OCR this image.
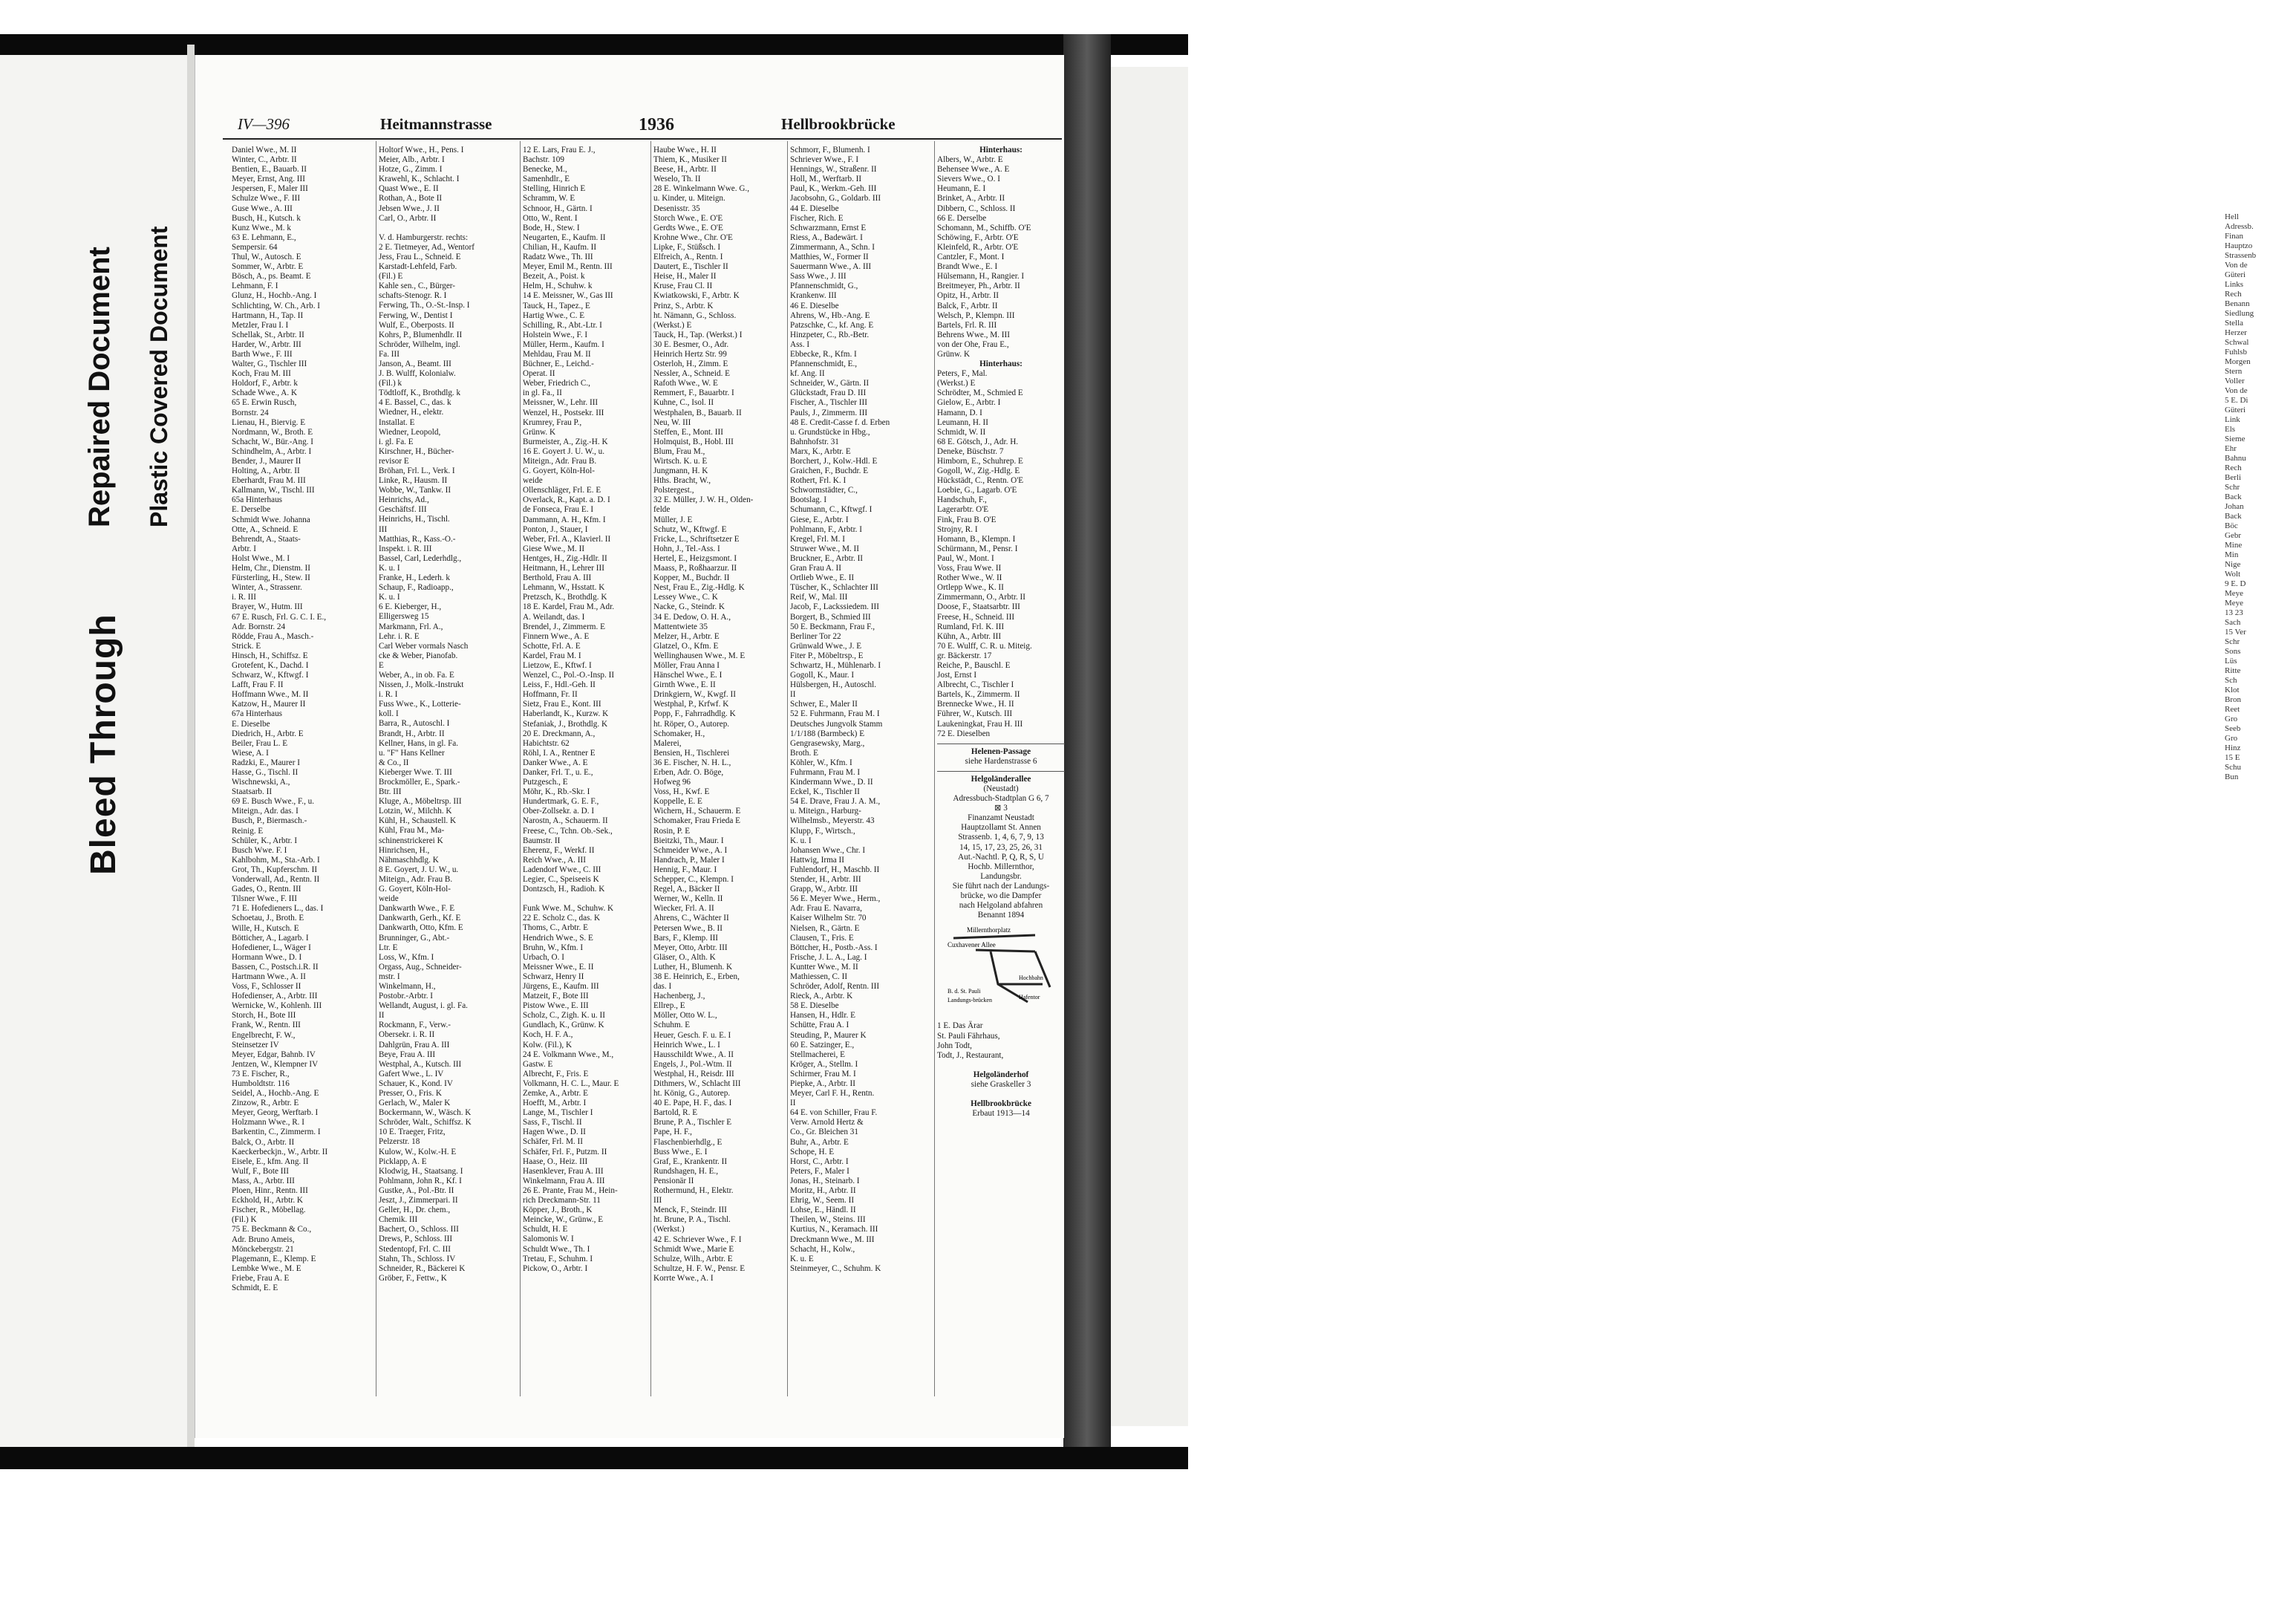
Hell
Adressb.
Finan
Hauptzo
Strassenb
Von de
Güteri
Links
Rech
Benann
Siedlung
Stella
Herzer
Schwal
Fuhlsb
Morgen
Stern
Voller
Von de
5 E. Di
Güteri
Link
Els
Sieme
Ehr
Bahnu
Rech
Berli
Schr
Back
Johan
Back
Böc
Gebr
Mine
Min
Nige
Wolt
9 E. D
Meye
Meye
13 23
Sach
15 Ver
Schr
Sons
Lüs
Ritte
Sch
Klot
Bron
Reet
Gro
Seeb
Gro
Hinz
15 E
Schu
Bun
Bleed Through
Repaired Document Plastic Covered Document
IV—396	Heitmannstrasse	1936	Hellbrookbrücke
Daniel Wwe., M. II
Winter, C., Arbtr. II
Bentien, E., Bauarb. II
Meyer, Ernst, Ang. III
Jespersen, F., Maler III
Schulze Wwe., F. III
Guse Wwe., A. III
Busch, H., Kutsch. k
Kunz Wwe., M. k
63 E. Lehmann, E.,
Sempersir. 64
Thul, W., Autosch. E
Sommer, W., Arbtr. E
Bösch, A., ps. Beamt. E
Lehmann, F. I
Glunz, H., Hochb.-Ang. I
Schlichting, W. Ch., Arb. I
Hartmann, H., Tap. II
Metzler, Frau I. I
Schellak, St., Arbtr. II
Harder, W., Arbtr. III
Barth Wwe., F. III
Walter, G., Tischler III
Koch, Frau M. III
Holdorf, F., Arbtr. k
Schade Wwe., A. K
65 E. Erwin Rusch,
Bornstr. 24
Lienau, H., Biervig. E
Nordmann, W., Broth. E
Schacht, W., Bür.-Ang. I
Schindhelm, A., Arbtr. I
Bender, J., Maurer II
Holting, A., Arbtr. II
Eberhardt, Frau M. III
Kallmann, W., Tischl. III
65a Hinterhaus
E. Derselbe
Schmidt Wwe. Johanna
Otte, A., Schneid. E
Behrendt, A., Staats-
Arbtr. I
Holst Wwe., M. I
Helm, Chr., Dienstm. II
Fürsterling, H., Stew. II
Winter, A., Strassenr.
i. R. III
Brayer, W., Hutm. III
67 E. Rusch, Frl. G. C. I. E.,
Adr. Bornstr. 24
Rödde, Frau A., Masch.-
Strick. E
Hinsch, H., Schiffsz. E
Grotefent, K., Dachd. I
Schwarz, W., Kftwgf. I
Lafft, Frau F. II
Hoffmann Wwe., M. II
Katzow, H., Maurer II
67a Hinterhaus
E. Dieselbe
Diedrich, H., Arbtr. E
Beiler, Frau L. E
Wiese, A. I
Radzki, E., Maurer I
Hasse, G., Tischl. II
Wischnewski, A.,
Staatsarb. II
69 E. Busch Wwe., F., u.
Miteign., Adr. das. I
Busch, P., Biermasch.-
Reinig. E
Schüler, K., Arbtr. I
Busch Wwe. F. I
Kahlbohm, M., Sta.-Arb. I
Grot, Th., Kupferschm. II
Vonderwall, Ad., Rentn. II
Gades, O., Rentn. III
Tilsner Wwe., F. III
71 E. Hofedieners L., das. I
Schoetau, J., Broth. E
Wille, H., Kutsch. E
Bötticher, A., Lagarb. I
Hofediener, L., Wäger I
Hormann Wwe., D. I
Bassen, C., Postsch.i.R. II
Hartmann Wwe., A. II
Voss, F., Schlosser II
Hofedienser, A., Arbtr. III
Wernicke, W., Kohlenh. III
Storch, H., Bote III
Frank, W., Rentn. III
Engelbrecht, F. W.,
Steinsetzer IV
Meyer, Edgar, Bahnb. IV
Jentzen, W., Klempner IV
73 E. Fischer, R.,
Humboldtstr. 116
Seidel, A., Hochb.-Ang. E
Zinzow, R., Arbtr. E
Meyer, Georg, Werftarb. I
Holzmann Wwe., R. I
Barkentin, C., Zimmerm. I
Balck, O., Arbtr. II
Kaeckerbeckjn., W., Arbtr. II
Eisele, E., kfm. Ang. II
Wulf, F., Bote III
Mass, A., Arbtr. III
Ploen, Hinr., Rentn. III
Eckhold, H., Arbtr. K
Fischer, R., Möbellag.
(Fil.) K
75 E. Beckmann & Co.,
Adr. Bruno Ameis,
Mönckebergstr. 21
Plagemann, E., Klemp. E
Lembke Wwe., M. E
Friebe, Frau A. E
Schmidt, E. E
Holtorf Wwe., H., Pens. I
Meier, Alb., Arbtr. I
Hotze, G., Zimm. I
Krawehl, K., Schlacht. I
Quast Wwe., E. II
Rothan, A., Bote II
Jebsen Wwe., J. II
Carl, O., Arbtr. II
V. d. Hamburgerstr. rechts:
2 E. Tietmeyer, Ad., Wentorf
Jess, Frau L., Schneid. E
Karstadt-Lehfeld, Farb.
(Fil.) E
Kahle sen., C., Bürger-
schafts-Stenogr. R. I
Ferwing, Th., O.-St.-Insp. I
Ferwing, W., Dentist I
Wulf, E., Oberposts. II
Kohrs, P., Blumenhdlr. II
Schröder, Wilhelm, ingl.
Fa. III
Janson, A., Beamt. III
J. B. Wulff, Kolonialw.
(Fil.) k
Tödtloff, K., Brothdlg. k
4 E. Bassel, C., das. k
Wiedner, H., elektr.
Installat. E
Wiedner, Leopold,
i. gl. Fa. E
Kirschner, H., Bücher-
revisor E
Bröhan, Frl. L., Verk. I
Linke, R., Hausm. II
Wobbe, W., Tankw. II
Heinrichs, Ad.,
Geschäftsf. III
Heinrichs, H., Tischl.
III
Matthias, R., Kass.-O.-
Inspekt. i. R. III
Bassel, Carl, Lederhdlg.,
K. u. I
Franke, H., Lederh. k
Schaup, F., Radioapp.,
K. u. I
6 E. Kieberger, H.,
Elligersweg 15
Markmann, Frl. A.,
Lehr. i. R. E
Carl Weber vormals Nasch
cke & Weber, Pianofab.
E
Weber, A., in ob. Fa. E
Nissen, J., Molk.-Instrukt
i. R. I
Fuss Wwe., K., Lotterie-
koll. I
Barra, R., Autoschl. I
Brandt, H., Arbtr. II
Kellner, Hans, in gl. Fa.
u. "F" Hans Kellner
& Co., II
Kieberger Wwe. T. III
Brockmöller, E., Spark.-
Btr. III
Kluge, A., Möbeltrsp. III
Lotzin, W., Milchh. K
Kühl, H., Schaustell. K
Kühl, Frau M., Ma-
schinenstrickerei K
Hinrichsen, H.,
Nähmaschhdlg. K
8 E. Goyert, J. U. W., u.
Miteign., Adr. Frau B.
G. Goyert, Köln-Hol-
weide
Dankwarth Wwe., F. E
Dankwarth, Gerh., Kf. E
Dankwarth, Otto, Kfm. E
Brunninger, G., Abt.-
Ltr. E
Loss, W., Kfm. I
Orgass, Aug., Schneider-
mstr. I
Winkelmann, H.,
Postobr.-Arbtr. I
Wellandt, August, i. gl. Fa.
II
Rockmann, F., Verw.-
Obersekr. i. R. II
Dahlgrün, Frau A. III
Beye, Frau A. III
Westphal, A., Kutsch. III
Gafert Wwe., L. IV
Schauer, K., Kond. IV
Presser, O., Fris. K
Gerlach, W., Maler K
Bockermann, W., Wäsch. K
Schröder, Walt., Schiffsz. K
10 E. Traeger, Fritz,
Pelzerstr. 18
Kulow, W., Kolw.-H. E
Picklapp, A. E
Klodwig, H., Staatsang. I
Pohlmann, John R., Kf. I
Gustke, A., Pol.-Btr. II
Jeszt, J., Zimmerpari. II
Geller, H., Dr. chem.,
Chemik. III
Bachert, O., Schloss. III
Drews, P., Schloss. III
Stedentopf, Frl. C. III
Stahn, Th., Schloss. IV
Schneider, R., Bäckerei K
Gröber, F., Fettw., K
12 E. Lars, Frau E. J.,
Bachstr. 109
Benecke, M.,
Samenhdlr., E
Stelling, Hinrich E
Schramm, W. E
Schnoor, H., Gärtn. I
Otto, W., Rent. I
Bode, H., Stew. I
Neugarten, E., Kaufm. II
Chilian, H., Kaufm. II
Radatz Wwe., Th. III
Meyer, Emil M., Rentn. III
Bezeit, A., Poist. k
Helm, H., Schuhw. k
14 E. Meissner, W., Gas III
Tauck, H., Tapez., E
Hartig Wwe., C. E
Schilling, R., Abt.-Ltr. I
Holstein Wwe., F. I
Müller, Herm., Kaufm. I
Mehldau, Frau M. II
Büchner, E., Leichd.-
Operat. II
Weber, Friedrich C.,
in gl. Fa., II
Meissner, W., Lehr. III
Wenzel, H., Postsekr. III
Krumrey, Frau P.,
Grünw. K
Burmeister, A., Zig.-H. K
16 E. Goyert J. U. W., u.
Miteign., Adr. Frau B.
G. Goyert, Köln-Hol-
weide
Ollenschläger, Frl. E. E
Overlack, R., Kapt. a. D. I
de Fonseca, Frau E. I
Dammann, A. H., Kfm. I
Ponton, J., Stauer, I
Weber, Frl. A., Klavierl. II
Giese Wwe., M. II
Hentges, H., Zig.-Hdlr. II
Heitmann, H., Lehrer III
Berthold, Frau A. III
Lehmann, W., Hsstatt. K
Pretzsch, K., Brothdlg. K
18 E. Kardel, Frau M., Adr.
A. Weilandt, das. I
Brendel, J., Zimmerm. E
Finnern Wwe., A. E
Schotte, Frl. A. E
Kardel, Frau M. I
Lietzow, E., Kftwf. I
Wenzel, C., Pol.-O.-Insp. II
Leiss, F., Hdl.-Geh. II
Hoffmann, Fr. II
Sietz, Frau E., Kont. III
Haberlandt, K., Kurzw. K
Stefaniak, J., Brothdlg. K
20 E. Dreckmann, A.,
Habichtstr. 62
Röhl, I. A., Rentner E
Danker Wwe., A. E
Danker, Frl. T., u. E.,
Putzgesch., E
Möhr, K., Rb.-Skr. I
Hundertmark, G. E. F.,
Ober-Zollsekr. a. D. I
Narostn, A., Schauerm. II
Freese, C., Tchn. Ob.-Sek.,
Baumstr. II
Eherenz, F., Werkf. II
Reich Wwe., A. III
Ladendorf Wwe., C. III
Legier, C., Speiseeis K
Dontzsch, H., Radioh. K
Funk Wwe. M., Schuhw. K
22 E. Scholz C., das. K
Thoms, C., Arbtr. E
Hendrich Wwe., S. E
Bruhn, W., Kfm. I
Urbach, O. I
Meissner Wwe., E. II
Schwarz, Henry II
Jürgens, E., Kaufm. III
Matzeit, F., Bote III
Pistow Wwe., E. III
Scholz, C., Zigh. K. u. II
Gundlach, K., Grünw. K
Koch, H. F. A.,
Kolw. (Fil.), K
24 E. Volkmann Wwe., M.,
Gastw. E
Albrecht, F., Fris. E
Volkmann, H. C. L., Maur. E
Zemke, A., Arbtr. E
Hoefft, M., Arbtr. I
Lange, M., Tischler I
Sass, F., Tischl. II
Hagen Wwe., D. II
Schäfer, Frl. M. II
Schäfer, Frl. F., Putzm. II
Haase, O., Heiz. III
Hasenklever, Frau A. III
Winkelmann, Frau A. III
26 E. Prante, Frau M., Hein-
rich Dreckmann-Str. 11
Köpper, J., Broth., K
Meincke, W., Grünw., E
Schuldt, H. E
Salomonis W. I
Schuldt Wwe., Th. I
Tretau, F., Schuhm. I
Pickow, O., Arbtr. I
Haube Wwe., H. II
Thiem, K., Musiker II
Beese, H., Arbtr. II
Weselo, Th. II
28 E. Winkelmann Wwe. G.,
u. Kinder, u. Miteign.
Desenisstr. 35
Storch Wwe., E. O'E
Gerdts Wwe., E. O'E
Krohne Wwe., Chr. O'E
Lipke, F., Stüßsch. I
Elfreich, A., Rentn. I
Dautert, E., Tischler II
Heise, H., Maler II
Kruse, Frau Cl. II
Kwiatkowski, F., Arbtr. K
Prinz, S., Arbtr. K
ht. Nämann, G., Schloss.
(Werkst.) E
Tauck, H., Tap. (Werkst.) I
30 E. Besmer, O., Adr.
Heinrich Hertz Str. 99
Osterloh, H., Zimm. E
Nessler, A., Schneid. E
Rafoth Wwe., W. E
Remmert, F., Bauarbtr. I
Kuhne, C., Isol. II
Westphalen, B., Bauarb. II
Neu, W. III
Steffen, E., Mont. III
Holmquist, B., Hobl. III
Blum, Frau M.,
Wirtsch. K. u. E
Jungmann, H. K
Hths. Bracht, W.,
Polstergest.,
32 E. Müller, J. W. H., Olden-
felde
Müller, J. E
Schutz, W., Kftwgf. E
Fricke, L., Schriftsetzer E
Hohn, J., Tel.-Ass. I
Hertel, E., Heizgsmont. I
Maass, P., Roßhaarzur. II
Kopper, M., Buchdr. II
Nest, Frau E., Zig.-Hdlg. K
Lessey Wwe., C. K
Nacke, G., Steindr. K
34 E. Dedow, O. H. A.,
Mattentwiete 35
Melzer, H., Arbtr. E
Glatzel, O., Kfm. E
Wellinghausen Wwe., M. E
Möller, Frau Anna I
Hänschel Wwe., E. I
Girnth Wwe., E. II
Drinkgiern, W., Kwgf. II
Westphal, P., Krfwf. K
Popp, F., Fahrradhdlg. K
ht. Röper, O., Autorep.
Schomaker, H.,
Malerei,
Bensien, H., Tischlerei
36 E. Fischer, N. H. L.,
Erben, Adr. O. Böge,
Hofweg 96
Voss, H., Kwf. E
Koppelle, E. E
Wichern, H., Schauerm. E
Schomaker, Frau Frieda E
Rosin, P. E
Bieitzki, Th., Maur. I
Schmeider Wwe., A. I
Handrach, P., Maler I
Hennig, F., Maur. I
Schepper, C., Klempn. I
Regel, A., Bäcker II
Werner, W., Kelln. II
Wiecker, Frl. A. II
Ahrens, C., Wächter II
Petersen Wwe., B. II
Bars, F., Klemp. III
Meyer, Otto, Arbtr. III
Gläser, O., Alth. K
Luther, H., Blumenh. K
38 E. Heinrich, E., Erben,
das. I
Hachenberg, J.,
Ellrep., E
Möller, Otto W. L.,
Schuhm. E
Heuer, Gesch. F. u. E. I
Heinrich Wwe., L. I
Hausschildt Wwe., A. II
Engels, J., Pol.-Wtm. II
Westphal, H., Reisdr. III
Dithmers, W., Schlacht III
ht. König, G., Autorep.
40 E. Pape, H. F., das. I
Bartold, R. E
Brune, P. A., Tischler E
Pape, H. F.,
Flaschenbierhdlg., E
Buss Wwe., E. I
Graf, E., Krankentr. II
Rundshagen, H. E.,
Pensionär II
Rothermund, H., Elektr.
III
Menck, F., Steindr. III
ht. Brune, P. A., Tischl.
(Werkst.)
42 E. Schriever Wwe., F. I
Schmidt Wwe., Marie E
Schulze, Wilh., Arbtr. E
Schultze, H. F. W., Pensr. E
Korrte Wwe., A. I
Schmorr, F., Blumenh. I
Schriever Wwe., F. I
Hennings, W., Straßenr. II
Holl, M., Werftarb. II
Paul, K., Werkm.-Geh. III
Jacobsohn, G., Goldarb. III
44 E. Dieselbe
Fischer, Rich. E
Schwarzmann, Ernst E
Riess, A., Badewärt. I
Zimmermann, A., Schn. I
Matthies, W., Former II
Sauermann Wwe., A. III
Sass Wwe., J. III
Pfannenschmidt, G.,
Krankenw. III
46 E. Dieselbe
Ahrens, W., Hb.-Ang. E
Patzschke, C., kf. Ang. E
Hinzpeter, C., Rb.-Betr.
Ass. I
Ebbecke, R., Kfm. I
Pfannenschmidt, E.,
kf. Ang. II
Schneider, W., Gärtn. II
Glückstadt, Frau D. III
Fischer, A., Tischler III
Pauls, J., Zimmerm. III
48 E. Credit-Casse f. d. Erben
u. Grundstücke in Hbg.,
Bahnhofstr. 31
Marx, K., Arbtr. E
Borchert, J., Kolw.-Hdl. E
Graichen, F., Buchdr. E
Rothert, Frl. K. I
Schwormstädter, C.,
Bootslag. I
Schumann, C., Kftwgf. I
Giese, E., Arbtr. I
Pohlmann, F., Arbtr. I
Kregel, Frl. M. I
Struwer Wwe., M. II
Bruckner, E., Arbtr. II
Gran Frau A. II
Ortlieb Wwe., E. II
Tüscher, K., Schlachter III
Reif, W., Mal. III
Jacob, F., Lackssiedem. III
Borgert, B., Schmied III
50 E. Beckmann, Frau F.,
Berliner Tor 22
Grünwald Wwe., J. E
Fiter P., Möbeltrsp., E
Schwartz, H., Mühlenarb. I
Gogoll, K., Maur. I
Hülsbergen, H., Autoschl.
II
Schwer, E., Maler II
52 E. Fuhrmann, Frau M. I
Deutsches Jungvolk Stamm
1/1/188 (Barmbeck) E
Gengrasewsky, Marg.,
Broth. E
Köhler, W., Kfm. I
Fuhrmann, Frau M. I
Kindermann Wwe., D. II
Eckel, K., Tischler II
54 E. Drave, Frau J. A. M.,
u. Miteign., Harburg-
Wilhelmsb., Meyerstr. 43
Klupp, F., Wirtsch.,
K. u. I
Johansen Wwe., Chr. I
Hattwig, Irma II
Fuhlendorf, H., Maschb. II
Stender, H., Arbtr. III
Grapp, W., Arbtr. III
56 E. Meyer Wwe., Herm.,
Adr. Frau E. Navarra,
Kaiser Wilhelm Str. 70
Nielsen, R., Gärtn. E
Clausen, T., Fris. E
Böttcher, H., Postb.-Ass. I
Frische, J. L. A., Lag. I
Kuntter Wwe., M. II
Mathiessen, C. II
Schröder, Adolf, Rentn. III
Rieck, A., Arbtr. K
58 E. Dieselbe
Hansen, H., Hdlr. E
Schütte, Frau A. I
Steuding, P., Maurer K
60 E. Satzinger, E.,
Stellmacherei, E
Kröger, A., Stellm. I
Schirmer, Frau M. I
Piepke, A., Arbtr. II
Meyer, Carl F. H., Rentn.
II
64 E. von Schiller, Frau F.
Verw. Arnold Hertz &
Co., Gr. Bleichen 31
Buhr, A., Arbtr. E
Schope, H. E
Horst, C., Arbtr. I
Peters, F., Maler I
Jonas, H., Steinarb. I
Moritz, H., Arbtr. II
Ehrig, W., Seem. II
Lohse, E., Händl. II
Theilen, W., Steins. III
Kurtius, N., Keramach. III
Dreckmann Wwe., M. III
Schacht, H., Kolw.,
K. u. E
Steinmeyer, C., Schuhm. K
Hinterhaus:
Albers, W., Arbtr. E
Behensee Wwe., A. E
Sievers Wwe., O. I
Heumann, E. I
Brinket, A., Arbtr. II
Dibbern, C., Schloss. II
66 E. Derselbe
Schomann, M., Schiffb. O'E
Schöwing, F., Arbtr. O'E
Kleinfeld, R., Arbtr. O'E
Cantzler, F., Mont. I
Brandt Wwe., E. I
Hülsemann, H., Rangier. I
Breitmeyer, Ph., Arbtr. II
Opitz, H., Arbtr. II
Balck, F., Arbtr. II
Welsch, P., Klempn. III
Bartels, Frl. R. III
Behrens Wwe., M. III
von der Ohe, Frau E.,
Grünw. K
Hinterhaus:
Peters, F., Mal.
(Werkst.) E
Schrödter, M., Schmied E
Gielow, E., Arbtr. I
Hamann, D. I
Leumann, H. II
Schmidt, W. II
68 E. Götsch, J., Adr. H.
Deneke, Büschstr. 7
Himborn, E., Schuhrep. E
Gogoll, W., Zig.-Hdlg. E
Hückstädt, C., Rentn. O'E
Loebie, G., Lagarb. O'E
Handschuh, F.,
Lagerarbtr. O'E
Fink, Frau B. O'E
Strojny, R. I
Homann, B., Klempn. I
Schürmann, M., Pensr. I
Paul, W., Mont. I
Voss, Frau Wwe. II
Rother Wwe., W. II
Ortlepp Wwe., K. II
Zimmermann, O., Arbtr. II
Doose, F., Staatsarbtr. III
Freese, H., Schneid. III
Rumland, Frl. K. III
Kühn, A., Arbtr. III
70 E. Wulff, C. R. u. Miteig.
gr. Bäckerstr. 17
Reiche, P., Bauschl. E
Jost, Ernst I
Albrecht, C., Tischler I
Bartels, K., Zimmerm. II
Brennecke Wwe., H. II
Führer, W., Kutsch. III
Laukeningkat, Frau H. III
72 E. Dieselben
Helenen-Passage
siehe Hardenstrasse 6
Helgoländerallee
(Neustadt)
Adressbuch-Stadtplan G 6, 7
⊠ 3
Finanzamt Neustadt
Hauptzollamt St. Annen
Strassenb. 1, 4, 6, 7, 9, 13
14, 15, 17, 23, 25, 26, 31
Aut.-Nachtl. P, Q, R, S, U
Hochb. Millernthor,
Landungsbr.
Sie führt nach der Landungs-
brücke, wo die Dampfer
nach Helgoland abfahren
Benannt 1894
Millernthorplatz
Cuxhavener Allee
Hochbahn
B. d. St. Pauli
Landungs-brücken	Hafentor
1 E. Das Ärar
St. Pauli Fährhaus,
John Todt,
Todt, J., Restaurant,
Helgoländerhof
siehe Graskeller 3
Hellbrookbrücke
Erbaut 1913—14
